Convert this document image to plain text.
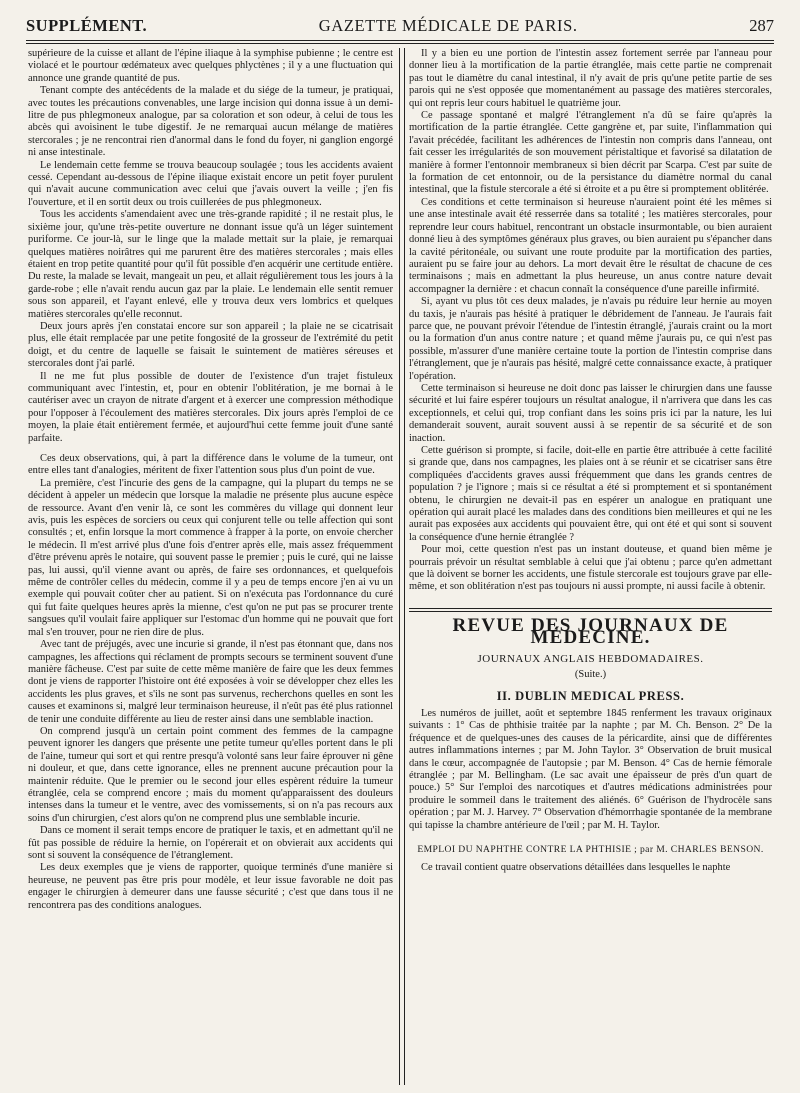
SUPPLÉMENT.	GAZETTE MÉDICALE DE PARIS.	287

supérieure de la cuisse et allant de l'épine iliaque à la symphise pubienne ; le centre est violacé et le pourtour œdémateux avec quelques phlyctènes ; il y a une fluctuation qui annonce une grande quantité de pus.

Tenant compte des antécédents de la malade et du siége de la tumeur, je pratiquai, avec toutes les précautions convenables, une large incision qui donna issue à un demi-litre de pus phlegmoneux analogue, par sa coloration et son odeur, à celui de tous les abcès qui avoisinent le tube digestif. Je ne remarquai aucun mélange de matières stercorales ; je ne rencontrai rien d'anormal dans le fond du foyer, ni ganglion engorgé ni anse intestinale.

Le lendemain cette femme se trouva beaucoup soulagée ; tous les accidents avaient cessé. Cependant au-dessous de l'épine iliaque existait encore un petit foyer purulent qui n'avait aucune communication avec celui que j'avais ouvert la veille ; j'en fis l'ouverture, et il en sortit deux ou trois cuillerées de pus phlegmoneux.

Tous les accidents s'amendaient avec une très-grande rapidité ; il ne restait plus, le sixième jour, qu'une très-petite ouverture ne donnant issue qu'à un léger suintement puriforme. Ce jour-là, sur le linge que la malade mettait sur la plaie, je remarquai quelques matières noirâtres qui me parurent être des matières stercorales ; mais elles étaient en trop petite quantité pour qu'il fût possible d'en acquérir une certitude entière. Du reste, la malade se levait, mangeait un peu, et allait régulièrement tous les jours à la garde-robe ; elle n'avait rendu aucun gaz par la plaie. Le lendemain elle sentit remuer sous son appareil, et l'ayant enlevé, elle y trouva deux vers lombrics et quelques matières stercorales qu'elle reconnut.

Deux jours après j'en constatai encore sur son appareil ; la plaie ne se cicatrisait plus, elle était remplacée par une petite fongosité de la grosseur de l'extrémité du petit doigt, et du centre de laquelle se faisait le suintement de matières séreuses et stercorales dont j'ai parlé.

Il ne me fut plus possible de douter de l'existence d'un trajet fistuleux communiquant avec l'intestin, et, pour en obtenir l'oblitération, je me bornai à le cautériser avec un crayon de nitrate d'argent et à exercer une compression méthodique pour l'opposer à l'écoulement des matières stercorales. Dix jours après l'emploi de ce moyen, la plaie était entièrement fermée, et aujourd'hui cette femme jouit d'une santé parfaite.

Ces deux observations, qui, à part la différence dans le volume de la tumeur, ont entre elles tant d'analogies, méritent de fixer l'attention sous plus d'un point de vue.

La première, c'est l'incurie des gens de la campagne, qui la plupart du temps ne se décident à appeler un médecin que lorsque la maladie ne présente plus aucune espèce de ressource. Avant d'en venir là, ce sont les commères du village qui donnent leur avis, puis les espèces de sorciers ou ceux qui conjurent telle ou telle affection qui sont consultés ; et, enfin lorsque la mort commence à frapper à la porte, on envoie chercher le médecin. Il m'est arrivé plus d'une fois d'entrer après elle, mais assez fréquemment d'être prévenu après le notaire, qui souvent passe le premier ; puis le curé, qui ne laisse pas, lui aussi, qu'il vienne avant ou après, de faire ses ordonnances, et quelquefois même de contrôler celles du médecin, comme il y a peu de temps encore j'en ai vu un exemple qui pouvait coûter cher au patient. Si on n'exécuta pas l'ordonnance du curé qui fut faite quelques heures après la mienne, c'est qu'on ne put pas se procurer trente sangsues qu'il voulait faire appliquer sur l'estomac d'un homme qui ne pouvait que fort mal s'en trouver, pour ne rien dire de plus.

Avec tant de préjugés, avec une incurie si grande, il n'est pas étonnant que, dans nos campagnes, les affections qui réclament de prompts secours se terminent souvent d'une manière fâcheuse. C'est par suite de cette même manière de faire que les deux femmes dont je viens de rapporter l'histoire ont été exposées à voir se développer chez elles les accidents les plus graves, et s'ils ne sont pas survenus, recherchons quelles en sont les causes et examinons si, malgré leur terminaison heureuse, il n'eût pas été plus rationnel de tenir une conduite différente au lieu de rester ainsi dans une semblable inaction.

On comprend jusqu'à un certain point comment des femmes de la campagne peuvent ignorer les dangers que présente une petite tumeur qu'elles portent dans le pli de l'aine, tumeur qui sort et qui rentre presqu'à volonté sans leur faire éprouver ni gêne ni douleur, et que, dans cette ignorance, elles ne prennent aucune précaution pour la maintenir réduite. Que le premier ou le second jour elles espèrent réduire la tumeur étranglée, cela se comprend encore ; mais du moment qu'apparaissent des douleurs intenses dans la tumeur et le ventre, avec des vomissements, si on n'a pas recours aux soins d'un chirurgien, c'est alors qu'on ne comprend plus une semblable incurie.

Dans ce moment il serait temps encore de pratiquer le taxis, et en admettant qu'il ne fût pas possible de réduire la hernie, on l'opérerait et on obvierait aux accidents qui sont si souvent la conséquence de l'étranglement.

Les deux exemples que je viens de rapporter, quoique terminés d'une manière si heureuse, ne peuvent pas être pris pour modèle, et leur issue favorable ne doit pas engager le chirurgien à demeurer dans une fausse sécurité ; c'est que dans tous il ne rencontrera pas des conditions analogues.

Il y a bien eu une portion de l'intestin assez fortement serrée par l'anneau pour donner lieu à la mortification de la partie étranglée, mais cette partie ne comprenait pas tout le diamètre du canal intestinal, il n'y avait de pris qu'une petite partie de ses parois qui ne s'est opposée que momentanément au passage des matières stercorales, qui ont repris leur cours habituel le quatrième jour.

Ce passage spontané et malgré l'étranglement n'a dû se faire qu'après la mortification de la partie étranglée. Cette gangrène et, par suite, l'inflammation qui l'avait précédée, facilitant les adhérences de l'intestin non compris dans l'anneau, ont fait cesser les irrégularités de son mouvement péristaltique et favorisé sa dilatation de manière à former l'entonnoir membraneux si bien décrit par Scarpa. C'est par suite de la formation de cet entonnoir, ou de la persistance du diamètre normal du canal intestinal, que la fistule stercorale a été si étroite et a pu être si promptement oblitérée.

Ces conditions et cette terminaison si heureuse n'auraient point été les mêmes si une anse intestinale avait été resserrée dans sa totalité ; les matières stercorales, pour reprendre leur cours habituel, rencontrant un obstacle insurmontable, ou bien auraient donné lieu à des symptômes généraux plus graves, ou bien auraient pu s'épancher dans la cavité péritonéale, ou suivant une route produite par la mortification des parties, auraient pu se faire jour au dehors. La mort devait être le résultat de chacune de ces terminaisons ; mais en admettant la plus heureuse, un anus contre nature devait accompagner la dernière : et chacun connaît la conséquence d'une pareille infirmité.

Si, ayant vu plus tôt ces deux malades, je n'avais pu réduire leur hernie au moyen du taxis, je n'aurais pas hésité à pratiquer le débridement de l'anneau. Je l'aurais fait parce que, ne pouvant prévoir l'étendue de l'intestin étranglé, j'aurais craint ou la mort ou la formation d'un anus contre nature ; et quand même j'aurais pu, ce qui n'est pas possible, m'assurer d'une manière certaine toute la portion de l'intestin comprise dans l'étranglement, que je n'aurais pas hésité, malgré cette connaissance exacte, à pratiquer l'opération.

Cette terminaison si heureuse ne doit donc pas laisser le chirurgien dans une fausse sécurité et lui faire espérer toujours un résultat analogue, il n'arrivera que dans les cas exceptionnels, et celui qui, trop confiant dans les soins pris ici par la nature, les lui demanderait souvent, aurait souvent aussi à se repentir de sa sécurité et de son inaction.

Cette guérison si prompte, si facile, doit-elle en partie être attribuée à cette facilité si grande que, dans nos campagnes, les plaies ont à se réunir et se cicatriser sans être compliquées d'accidents graves aussi fréquemment que dans les grands centres de population ? je l'ignore ; mais si ce résultat a été si promptement et si spontanément obtenu, le chirurgien ne devait-il pas en espérer un analogue en pratiquant une opération qui aurait placé les malades dans des conditions bien meilleures et qui ne les aurait pas exposées aux accidents qui pouvaient être, qui ont été et qui sont si souvent la conséquence d'une hernie étranglée ?

Pour moi, cette question n'est pas un instant douteuse, et quand bien même je pourrais prévoir un résultat semblable à celui que j'ai obtenu ; parce qu'en admettant que là doivent se borner les accidents, une fistule stercorale est toujours grave par elle-même, et son oblitération n'est pas toujours ni aussi prompte, ni aussi facile à obtenir.

REVUE DES JOURNAUX DE MÉDECINE.
JOURNAUX ANGLAIS HEBDOMADAIRES.
(Suite.)
II. DUBLIN MEDICAL PRESS.

Les numéros de juillet, août et septembre 1845 renferment les travaux originaux suivants : 1° Cas de phthisie traitée par la naphte ; par M. Ch. Benson. 2° De la fréquence et de quelques-unes des causes de la péricardite, ainsi que de différentes autres inflammations internes ; par M. John Taylor. 3° Observation de bruit musical dans le cœur, accompagnée de l'autopsie ; par M. Benson. 4° Cas de hernie fémorale étranglée ; par M. Bellingham. (Le sac avait une épaisseur de près d'un quart de pouce.) 5° Sur l'emploi des narcotiques et d'autres médications administrées pour produire le sommeil dans le traitement des aliénés. 6° Guérison de l'hydrocèle sans opération ; par M. J. Harvey. 7° Observation d'hémorrhagie spontanée de la membrane qui tapisse la chambre antérieure de l'œil ; par M. H. Taylor.

EMPLOI DU NAPHTHE CONTRE LA PHTHISIE ; par M. CHARLES BENSON.

Ce travail contient quatre observations détaillées dans lesquelles le naphte
